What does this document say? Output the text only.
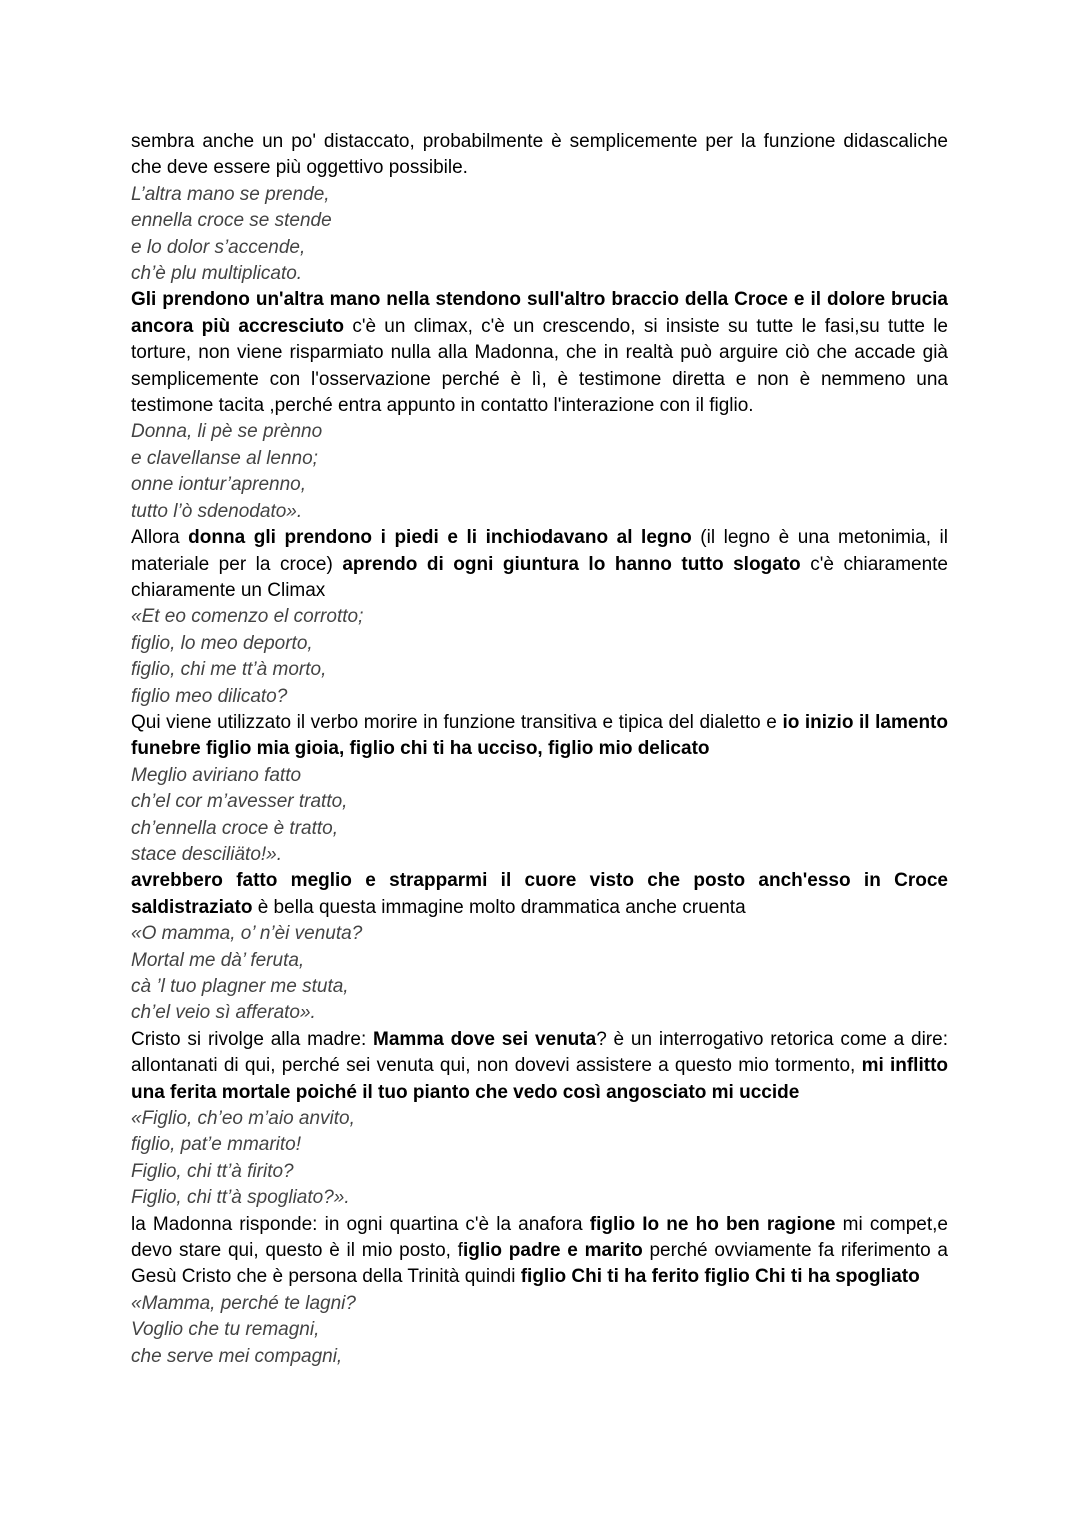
sembra anche un po' distaccato, probabilmente è semplicemente per la funzione didascaliche che deve essere più oggettivo possibile.

L’altra mano se prende,
ennella croce se stende
e lo dolor s’accende,
ch’è plu multiplicato.

Gli prendono un'altra mano nella stendono sull'altro braccio della Croce e il dolore brucia ancora più accresciuto c'è un climax, c'è un crescendo, si insiste su tutte le fasi,su tutte le torture, non viene risparmiato nulla alla Madonna, che in realtà può arguire ciò che accade già semplicemente con l'osservazione perché è lì, è testimone diretta e non è nemmeno una testimone tacita ,perché entra appunto in contatto l'interazione con il figlio.

Donna, li pè se prènno
e clavellanse al lenno;
onne iontur’aprenno,
tutto l’ò sdenodato».

Allora donna gli prendono i piedi e li inchiodavano al legno (il legno è una metonimia, il materiale per la croce) aprendo di ogni giuntura lo hanno tutto slogato c'è chiaramente chiaramente un Climax

«Et eo comenzo el corrotto;
figlio, lo meo deporto,
figlio, chi me tt’à morto,
figlio meo dilicato?

Qui viene utilizzato il verbo morire in funzione transitiva e tipica del dialetto e io inizio il lamento funebre figlio mia gioia, figlio chi ti ha ucciso, figlio mio delicato

Meglio aviriano fatto
ch’el cor m’avesser tratto,
ch’ennella croce è tratto,
stace desciliäto!».

avrebbero fatto meglio e strapparmi il cuore visto che posto anch'esso in Croce saldistraziato è bella questa immagine molto drammatica anche cruenta

«O mamma, o’ n’èi venuta?
Mortal me dà’ feruta,
cà ’l tuo plagner me stuta,
ch’el veio sì afferato».

Cristo si rivolge alla madre: Mamma dove sei venuta? è un interrogativo retorica come a dire: allontanati di qui, perché sei venuta qui, non dovevi assistere a questo mio tormento, mi inflitto una ferita mortale poiché il tuo pianto che vedo così angosciato mi uccide

«Figlio, ch’eo m’aio anvito,
figlio, pat’e mmarito!
Figlio, chi tt’à firito?
Figlio, chi tt’à spogliato?».

la Madonna risponde: in ogni quartina c'è la anafora figlio Io ne ho ben ragione mi compet,e devo stare qui, questo è il mio posto, figlio padre e marito perché ovviamente fa riferimento a Gesù Cristo che è persona della Trinità quindi figlio Chi ti ha ferito figlio Chi ti ha spogliato

«Mamma, perché te lagni?
Voglio che tu remagni,
che serve mei compagni,
